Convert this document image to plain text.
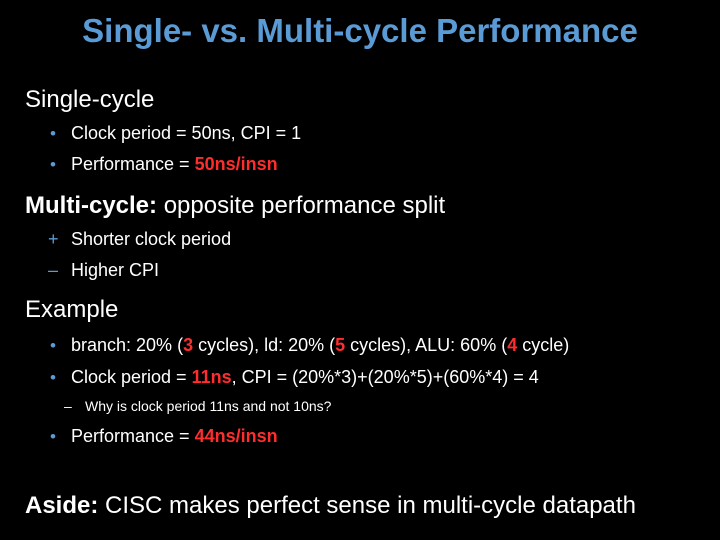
Single- vs. Multi-cycle Performance
Single-cycle
• Clock period = 50ns, CPI = 1
• Performance = 50ns/insn
Multi-cycle: opposite performance split
+ Shorter clock period
– Higher CPI
Example
• branch: 20% (3 cycles), ld: 20% (5 cycles), ALU: 60% (4 cycle)
• Clock period = 11ns, CPI = (20%*3)+(20%*5)+(60%*4) = 4
– Why is clock period 11ns and not 10ns?
• Performance = 44ns/insn
Aside: CISC makes perfect sense in multi-cycle datapath
